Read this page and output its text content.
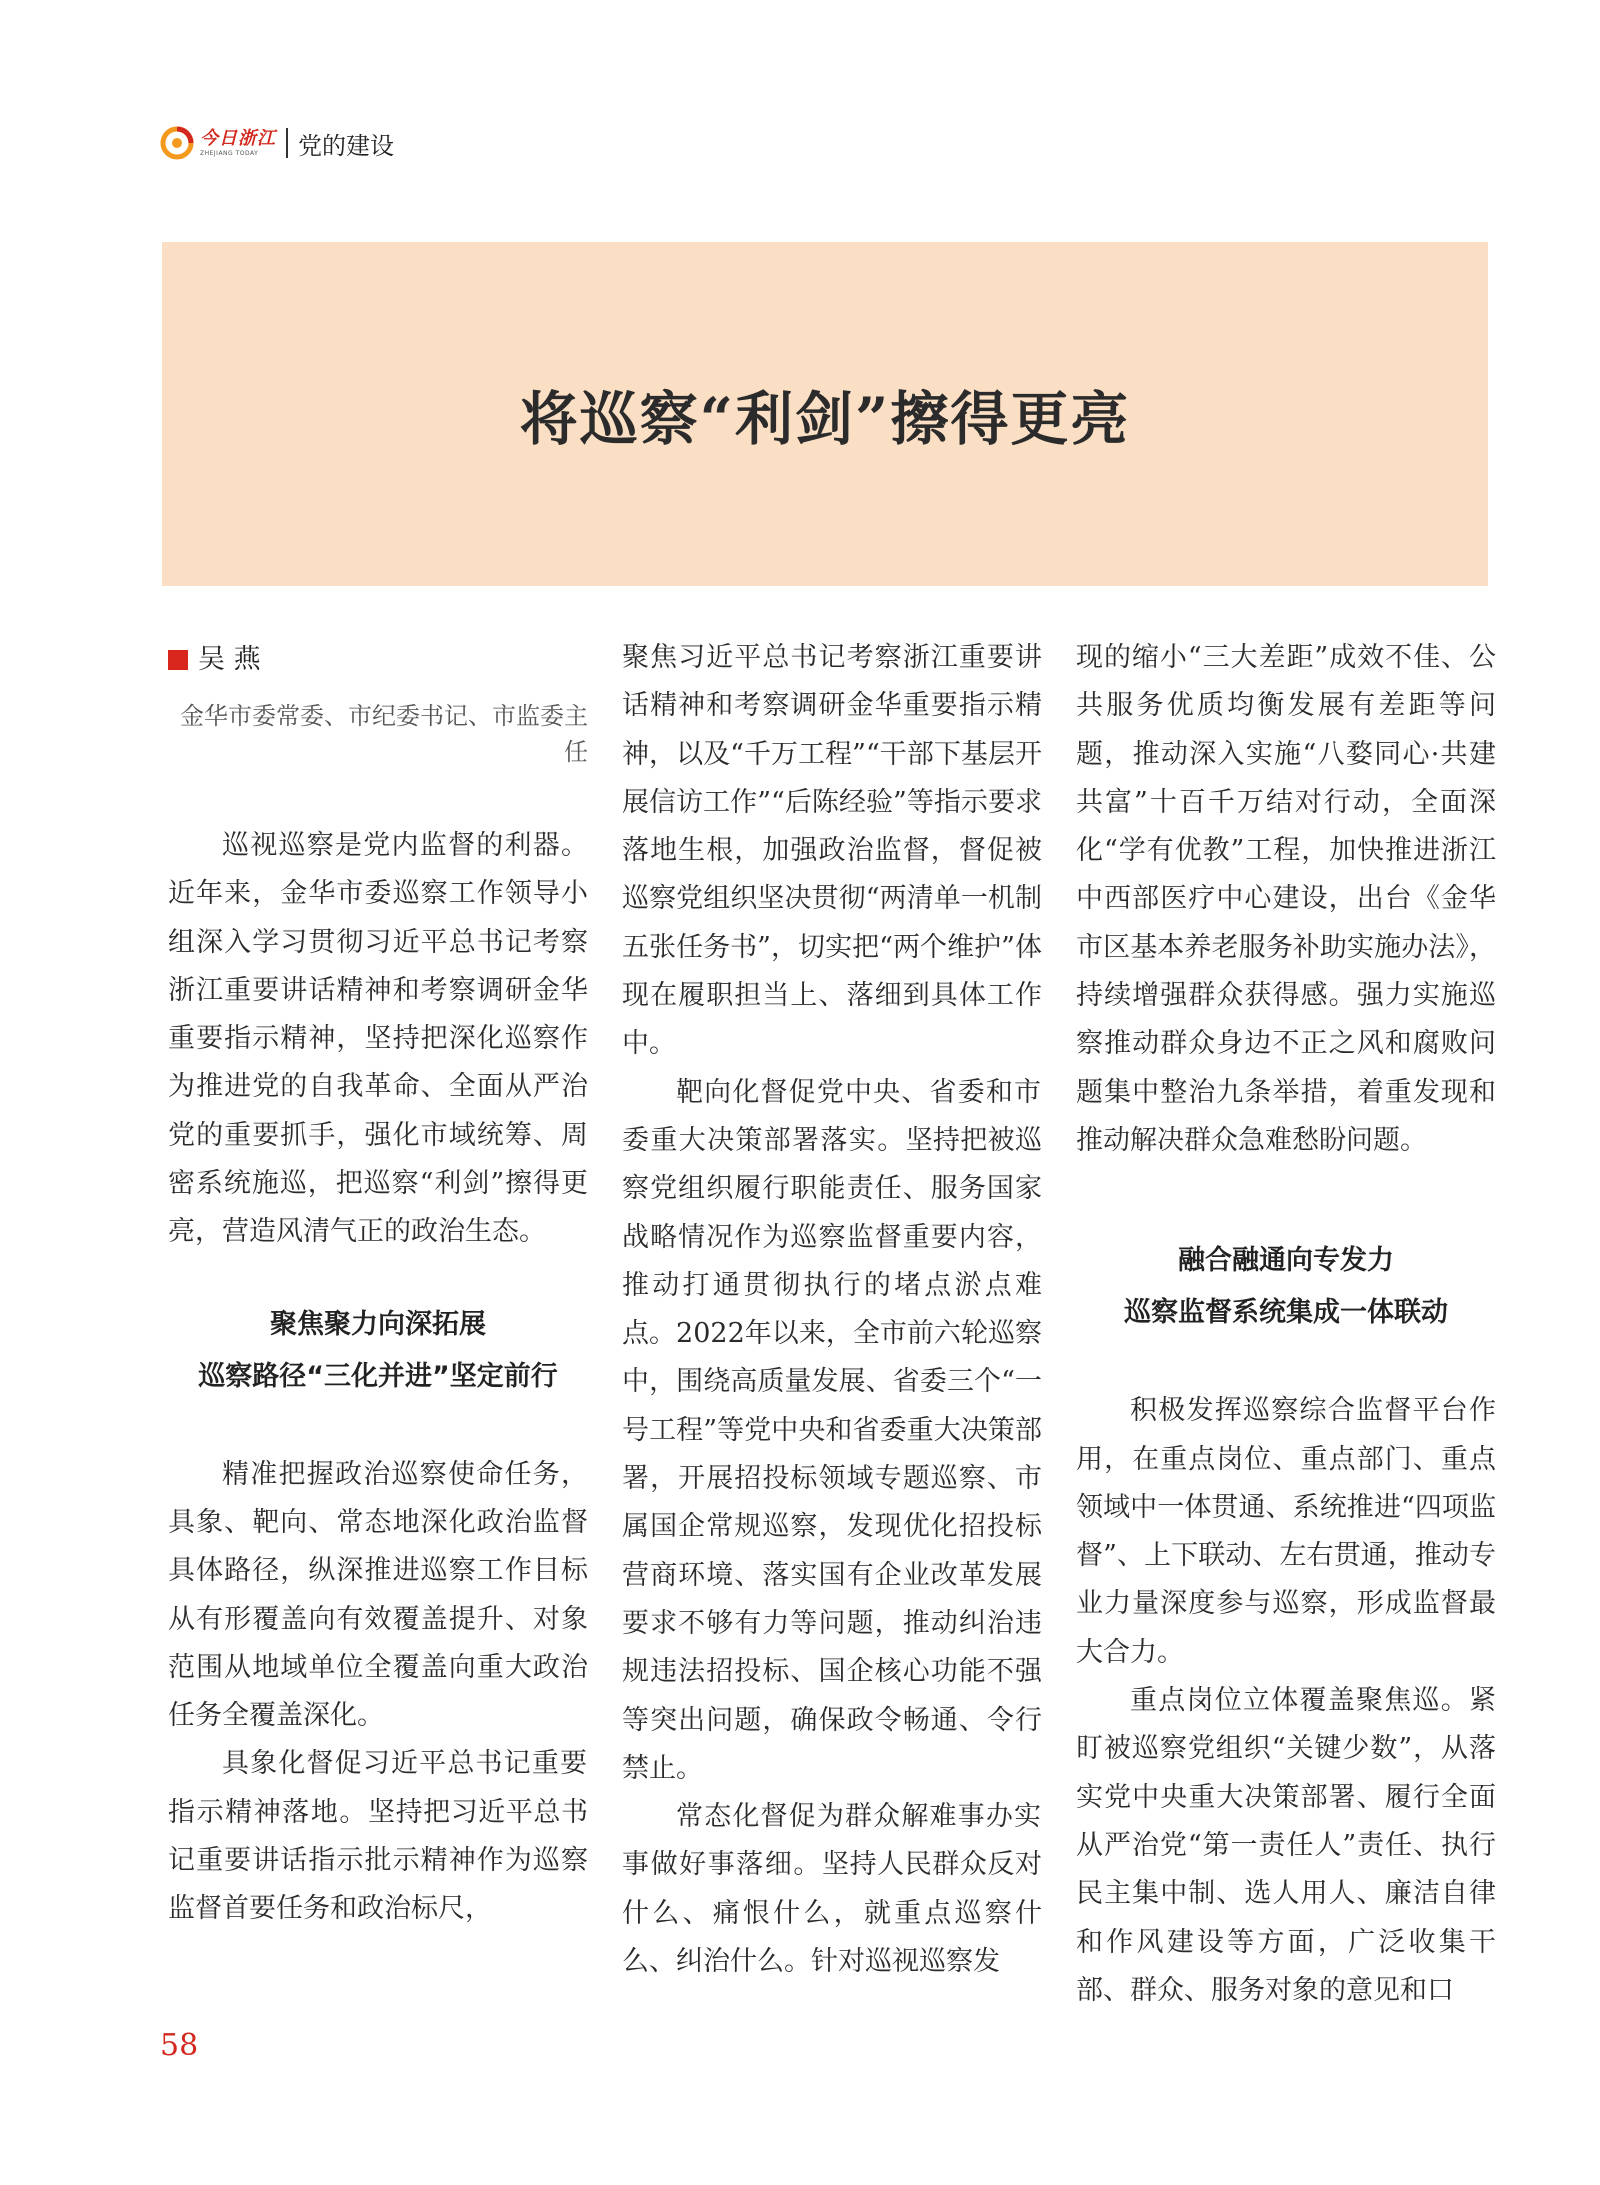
今日浙江
ZHEJIANG TODAY	党的建设
将巡察“利剑”擦得更亮
吴 燕
金华市委常委、市纪委书记、市监委主任

巡视巡察是党内监督的利器。近年来，金华市委巡察工作领导小组深入学习贯彻习近平总书记考察浙江重要讲话精神和考察调研金华重要指示精神，坚持把深化巡察作为推进党的自我革命、全面从严治党的重要抓手，强化市域统筹、周密系统施巡，把巡察“利剑”擦得更亮，营造风清气正的政治生态。

聚焦聚力向深拓展
巡察路径“三化并进”坚定前行

精准把握政治巡察使命任务，具象、靶向、常态地深化政治监督具体路径，纵深推进巡察工作目标从有形覆盖向有效覆盖提升、对象范围从地域单位全覆盖向重大政治任务全覆盖深化。

具象化督促习近平总书记重要指示精神落地。坚持把习近平总书记重要讲话指示批示精神作为巡察监督首要任务和政治标尺，

聚焦习近平总书记考察浙江重要讲话精神和考察调研金华重要指示精神，以及“千万工程”“干部下基层开展信访工作”“后陈经验”等指示要求落地生根，加强政治监督，督促被巡察党组织坚决贯彻“两清单一机制五张任务书”，切实把“两个维护”体现在履职担当上、落细到具体工作中。

靶向化督促党中央、省委和市委重大决策部署落实。坚持把被巡察党组织履行职能责任、服务国家战略情况作为巡察监督重要内容，推动打通贯彻执行的堵点淤点难点。2022年以来，全市前六轮巡察中，围绕高质量发展、省委三个“一号工程”等党中央和省委重大决策部署，开展招投标领域专题巡察、市属国企常规巡察，发现优化招投标营商环境、落实国有企业改革发展要求不够有力等问题，推动纠治违规违法招投标、国企核心功能不强等突出问题，确保政令畅通、令行禁止。

常态化督促为群众解难事办实事做好事落细。坚持人民群众反对什么、痛恨什么，就重点巡察什么、纠治什么。针对巡视巡察发

现的缩小“三大差距”成效不佳、公共服务优质均衡发展有差距等问题，推动深入实施“八婺同心·共建共富”十百千万结对行动，全面深化“学有优教”工程，加快推进浙江中西部医疗中心建设，出台《金华市区基本养老服务补助实施办法》，持续增强群众获得感。强力实施巡察推动群众身边不正之风和腐败问题集中整治九条举措，着重发现和推动解决群众急难愁盼问题。

融合融通向专发力
巡察监督系统集成一体联动

积极发挥巡察综合监督平台作用，在重点岗位、重点部门、重点领域中一体贯通、系统推进“四项监督”、上下联动、左右贯通，推动专业力量深度参与巡察，形成监督最大合力。

重点岗位立体覆盖聚焦巡。紧盯被巡察党组织“关键少数”，从落实党中央重大决策部署、履行全面从严治党“第一责任人”责任、执行民主集中制、选人用人、廉洁自律和作风建设等方面，广泛收集干部、群众、服务对象的意见和口

58
